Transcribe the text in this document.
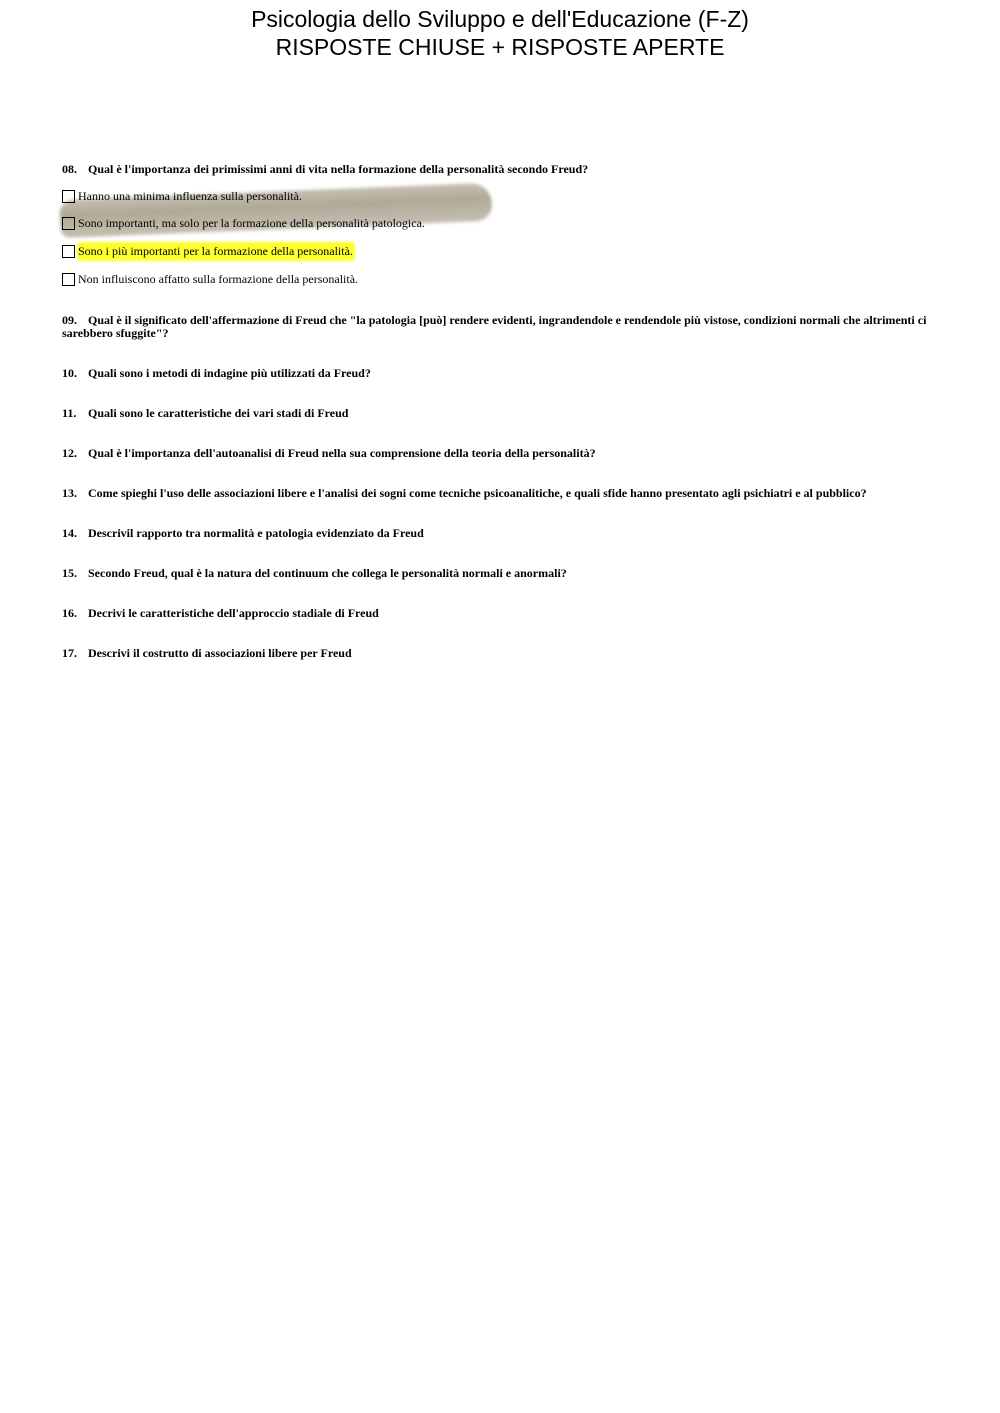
Psicologia dello Sviluppo e dell'Educazione (F-Z)
RISPOSTE CHIUSE + RISPOSTE APERTE
08. Qual è l'importanza dei primissimi anni di vita nella formazione della personalità secondo Freud?
Hanno una minima influenza sulla personalità.
Sono importanti, ma solo per la formazione della personalità patologica.
Sono i più importanti per la formazione della personalità.
Non influiscono affatto sulla formazione della personalità.
09. Qual è il significato dell'affermazione di Freud che "la patologia [può] rendere evidenti, ingrandendole e rendendole più vistose, condizioni normali che altrimenti ci sarebbero sfuggite"?
10. Quali sono i metodi di indagine più utilizzati da Freud?
11. Quali sono le caratteristiche dei vari stadi di Freud
12. Qual è l'importanza dell'autoanalisi di Freud nella sua comprensione della teoria della personalità?
13. Come spieghi l'uso delle associazioni libere e l'analisi dei sogni come tecniche psicoanalitiche, e quali sfide hanno presentato agli psichiatri e al pubblico?
14. Descrivil rapporto tra normalità e patologia evidenziato da Freud
15. Secondo Freud, qual è la natura del continuum che collega le personalità normali e anormali?
16. Decrivi le caratteristiche dell'approccio stadiale di Freud
17. Descrivi il costrutto di associazioni libere per Freud
